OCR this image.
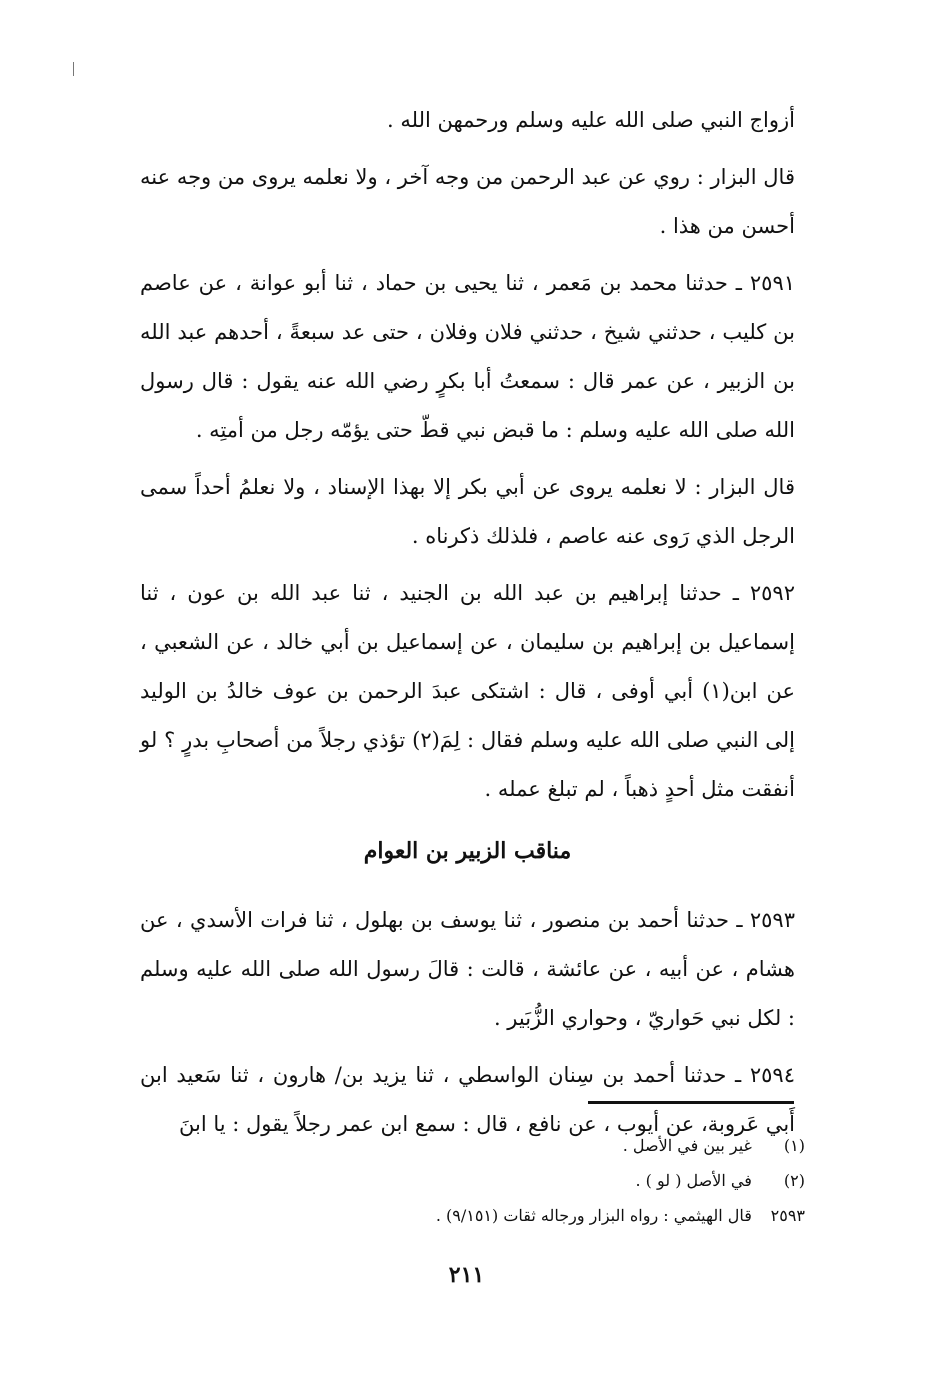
أزواج النبي صلى الله عليه وسلم ورحمهن الله .

قال البزار : روي عن عبد الرحمن من وجه آخر ، ولا نعلمه يروى من وجه عنه أحسن من هذا .

٢٥٩١ ـ حدثنا محمد بن مَعمر ، ثنا يحيى بن حماد ، ثنا أبو عوانة ، عن عاصم بن كليب ، حدثني شيخ ، حدثني فلان وفلان ، حتى عد سبعةً ، أحدهم عبد الله بن الزبير ، عن عمر قال : سمعتُ أبا بكرٍ رضي الله عنه يقول : قال رسول الله صلى الله عليه وسلم : ما قبض نبي قطّ حتى يؤمّه رجل من أمتِه .

قال البزار : لا نعلمه يروى عن أبي بكر إلا بهذا الإسناد ، ولا نعلمُ أحداً سمى الرجل الذي رَوى عنه عاصم ، فلذلك ذكرناه .

٢٥٩٢ ـ حدثنا إبراهيم بن عبد الله بن الجنيد ، ثنا عبد الله بن عون ، ثنا إسماعيل بن إبراهيم بن سليمان ، عن إسماعيل بن أبي خالد ، عن الشعبي ، عن ابن(١) أبي أوفى ، قال : اشتكى عبدَ الرحمن بن عوف خالدُ بن الوليد إلى النبي صلى الله عليه وسلم فقال : لِمَ(٢) تؤذي رجلاً من أصحابِ بدرٍ ؟ لو أنفقت مثل أحدٍ ذهباً ، لم تبلغ عمله .

مناقب الزبير بن العوام

٢٥٩٣ ـ حدثنا أحمد بن منصور ، ثنا يوسف بن بهلول ، ثنا فرات الأسدي ، عن هشام ، عن أبيه ، عن عائشة ، قالت : قالَ رسول الله صلى الله عليه وسلم : لكل نبي حَواريّ ، وحواري الزُّبَير .

٢٥٩٤ ـ حدثنا أحمد بن سِنان الواسطي ، ثنا يزيد بن/ هارون ، ثنا سَعيد ابن أَبي عَروبة، عن أيوب ، عن نافع ، قال : سمع ابن عمر رجلاً يقول : يا ابنَ

(١) غير بين في الأصل .
(٢) في الأصل ( لو ) .
٢٥٩٣ قال الهيثمي : رواه البزار ورجاله ثقات (٩/١٥١) .
٢١١
